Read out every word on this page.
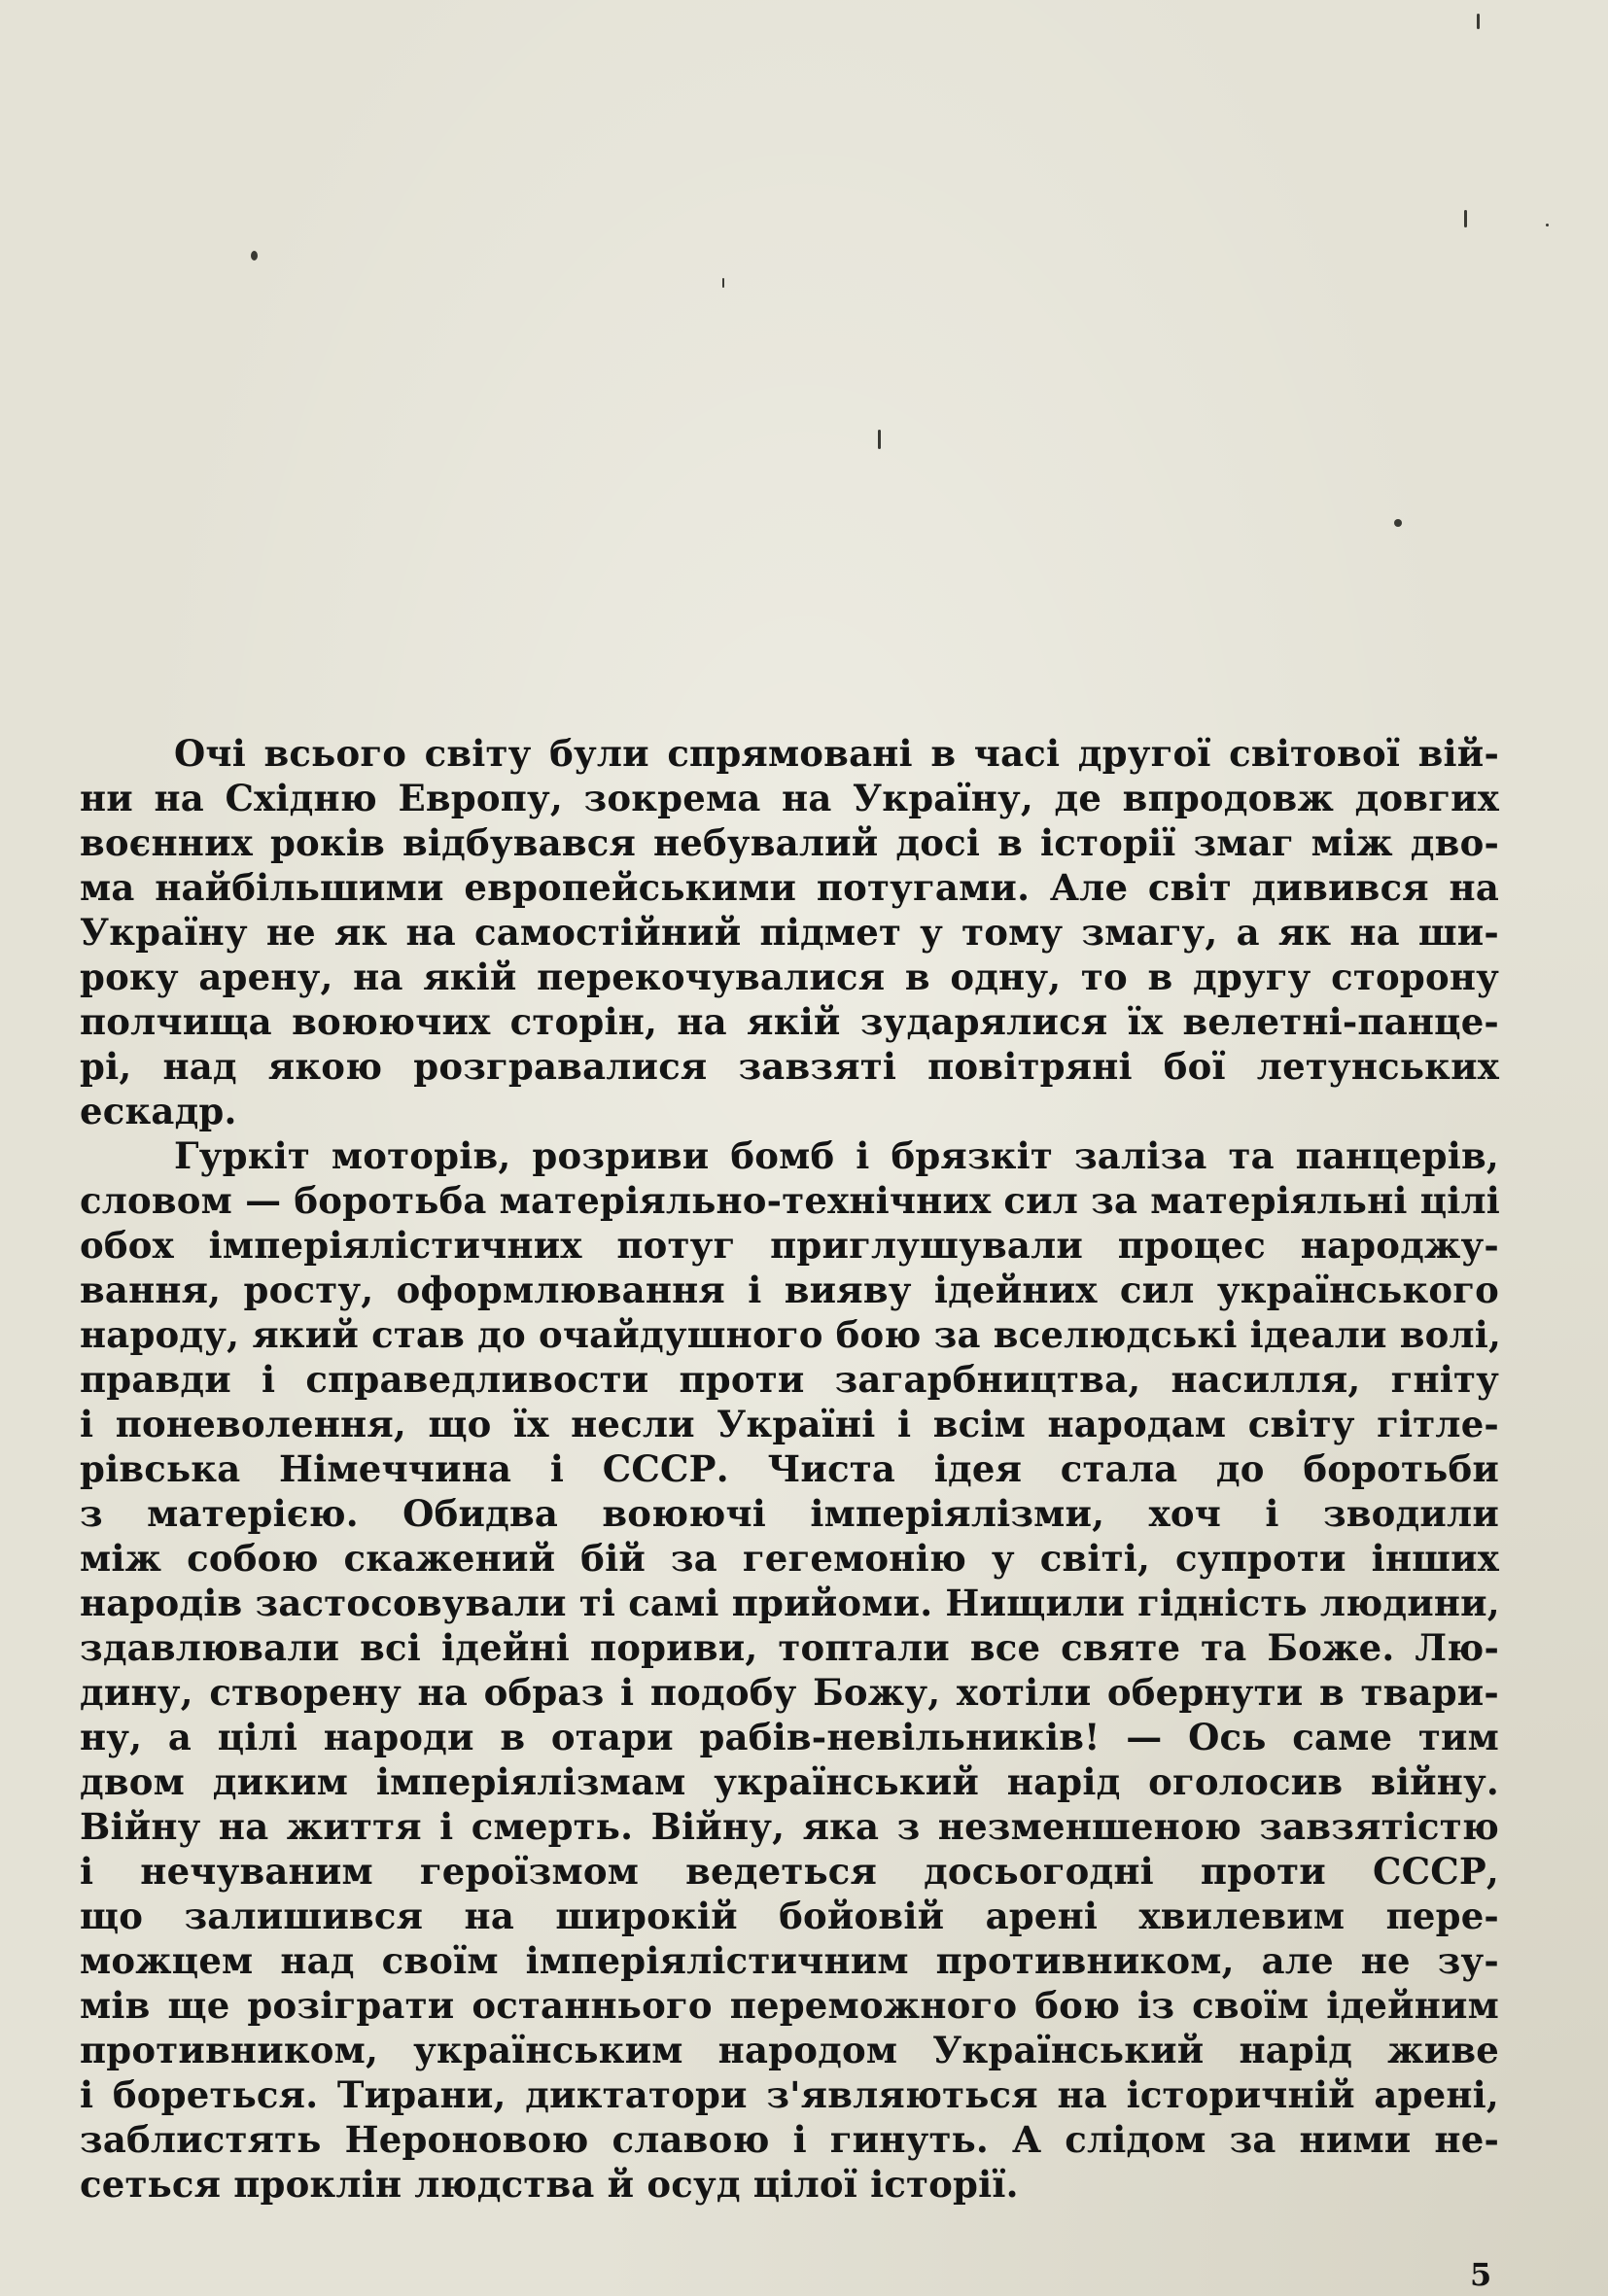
Очі всього світу були спрямовані в часі другої світової вій-
ни на Східню Европу, зокрема на Україну, де впродовж довгих
воєнних років відбувався небувалий досі в історії змаг між дво-
ма найбільшими европейськими потугами. Але світ дивився на
Україну не як на самостійний підмет у тому змагу, а як на ши-
року арену, на якій перекочувалися в одну, то в другу сторону
полчища воюючих сторін, на якій зударялися їх велетні-панце-
рі, над якою розгравалися завзяті повітряні бої летунських
ескадр.

Гуркіт моторів, розриви бомб і брязкіт заліза та панцерів,
словом — боротьба матеріяльно-технічних сил за матеріяльні цілі
обох імперіялістичних потуг приглушували процес народжу-
вання, росту, оформлювання і вияву ідейних сил українського
народу, який став до очайдушного бою за вселюдські ідеали волі,
правди і справедливости проти загарбництва, насилля, гніту
і поневолення, що їх несли Україні і всім народам світу гітле-
рівська Німеччина і СССР. Чиста ідея стала до боротьби
з матерією. Обидва воюючі імперіялізми, хоч і зводили
між собою скажений бій за гегемонію у світі, супроти інших
народів застосовували ті самі прийоми. Нищили гідність людини,
здавлювали всі ідейні пориви, топтали все святе та Боже. Лю-
дину, створену на образ і подобу Божу, хотіли обернути в твари-
ну, а цілі народи в отари рабів-невільників! — Ось саме тим
двом диким імперіялізмам український нарід оголосив війну.
Війну на життя і смерть. Війну, яка з незменшеною завзятістю
і нечуваним героїзмом ведеться досьогодні проти СССР,
що залишився на широкій бойовій арені хвилевим пере-
можцем над своїм імперіялістичним противником, але не зу-
мів ще розіграти останнього переможного бою із своїм ідейним
противником, українським народом Український нарід живе
і бореться. Тирани, диктатори з'являються на історичній арені,
заблистять Нероновою славою і гинуть. А слідом за ними не-
сеться проклін людства й осуд цілої історії.

5
